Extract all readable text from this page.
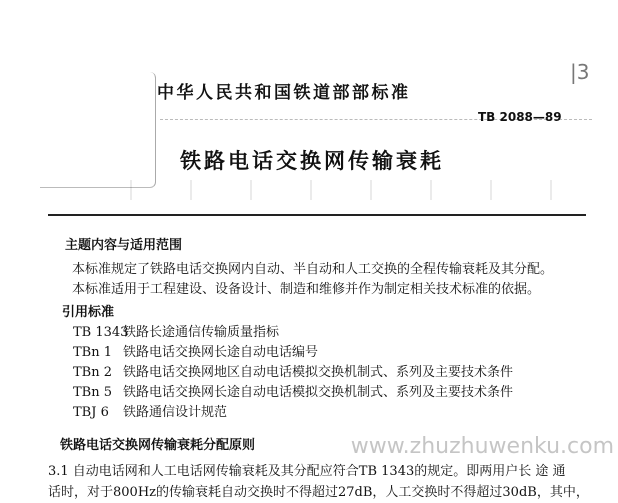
|3
中华人民共和国铁道部部标准
TB 2088—89
铁路电话交换网传输衰耗
主题内容与适用范围
本标准规定了铁路电话交换网内自动、半自动和人工交换的全程传输衰耗及其分配。
本标准适用于工程建设、设备设计、制造和维修并作为制定相关技术标准的依据。
引用标准
TB 1343铁路长途通信传输质量指标
TBn 1 铁路电话交换网长途自动电话编号
TBn 2 铁路电话交换网地区自动电话模拟交换机制式、系列及主要技术条件
TBn 5 铁路电话交换网长途自动电话模拟交换机制式、系列及主要技术条件
TBJ 6 铁路通信设计规范
铁路电话交换网传输衰耗分配原则	www.zhuzhuwenku.com
3.1 自动电话网和人工电话网传输衰耗及其分配应符合TB 1343的规定。即两用户长 途 通
话时，对于800Hz的传输衰耗自动交换时不得超过27dB，人工交换时不得超过30dB，其中，
